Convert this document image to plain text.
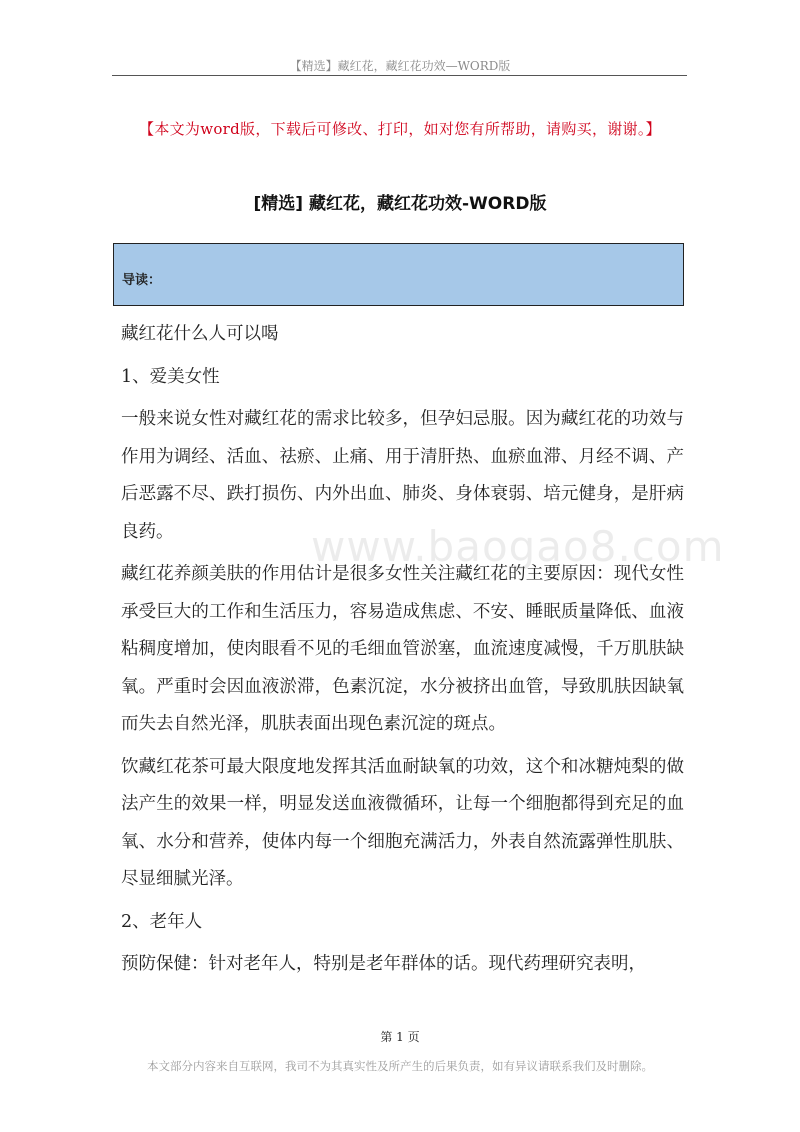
【精选】藏红花，藏红花功效—WORD版
【本文为word版，下载后可修改、打印，如对您有所帮助，请购买，谢谢。】
[精选] 藏红花，藏红花功效-WORD版
导读：

藏红花什么人可以喝

1、爱美女性

一般来说女性对藏红花的需求比较多，但孕妇忌服。因为藏红花的功效与作用为调经、活血、祛瘀、止痛、用于清肝热、血瘀血滞、月经不调、产后恶露不尽、跌打损伤、内外出血、肺炎、身体衰弱、培元健身，是肝病良药。

藏红花养颜美肤的作用估计是很多女性关注藏红花的主要原因：现代女性承受巨大的工作和生活压力，容易造成焦虑、不安、睡眠质量降低、血液粘稠度增加，使肉眼看不见的毛细血管淤塞，血流速度减慢，千万肌肤缺氧。严重时会因血液淤滞，色素沉淀，水分被挤出血管，导致肌肤因缺氧而失去自然光泽，肌肤表面出现色素沉淀的斑点。

饮藏红花茶可最大限度地发挥其活血耐缺氧的功效，这个和冰糖炖梨的做法产生的效果一样，明显发送血液微循环，让每一个细胞都得到充足的血氧、水分和营养，使体内每一个细胞充满活力，外表自然流露弹性肌肤、尽显细腻光泽。

2、老年人

预防保健：针对老年人，特别是老年群体的话。现代药理研究表明，

www.baogao8.com
第 1 页
本文部分内容来自互联网，我司不为其真实性及所产生的后果负责，如有异议请联系我们及时删除。
